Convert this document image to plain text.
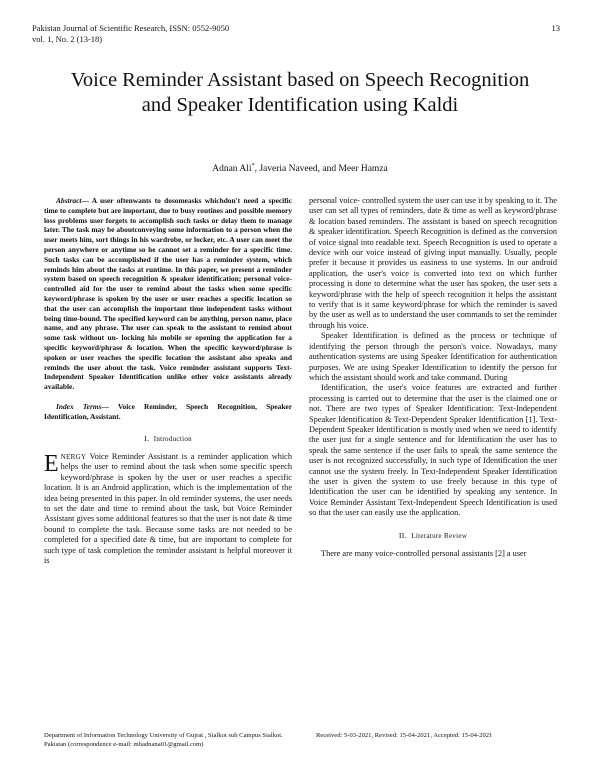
Pakistan Journal of Scientific Research, ISSN: 0552-9050
vol. 1, No. 2 (13-18)
13
Voice Reminder Assistant based on Speech Recognition and Speaker Identification using Kaldi
Adnan Ali*, Javeria Naveed, and Meer Hamza

Abstract— A user oftenwants to dosomeasks whichdon't need a specific time to complete but are important, due to busy routines and possible memory loss problems user forgets to accomplish such tasks or delay them to manage later. The task may be aboutconveying some information to a person when the user meets him, sort things in his wardrobe, or locker, etc. A user can meet the person anywhere or anytime so he cannot set a reminder for a specific time. Such tasks can be accomplished if the user has a reminder system, which reminds him about the tasks at runtime. In this paper, we present a reminder system based on speech recognition & speaker identification; personal voice- controlled aid for the user to remind about the tasks when some specific keyword/phrase is spoken by the user or user reaches a specific location so that the user can accomplish the important time independent tasks without being time-bound. The specified keyword can be anything, person name, place name, and any phrase. The user can speak to the assistant to remind about some task without un- locking his mobile or opening the application for a specific keyword/phrase & location. When the specific keyword/phrase is spoken or user reaches the specific location the assistant also speaks and reminds the user about the task. Voice reminder assistant supports Text-Independent Speaker Identification unlike other voice assistants already available.

Index Terms— Voice Reminder, Speech Recognition, Speaker Identification, Assistant.

I. Introduction

ENERGY Voice Reminder Assistant is a reminder application which helps the user to remind about the task when some specific speech keyword/phrase is spoken by the user or user reaches a specific location. It is an Android application, which is the implementation of the idea being presented in this paper. In old reminder systems, the user needs to set the date and time to remind about the task, but Voice Reminder Assistant gives some additional features so that the user is not date & time bound to complete the task. Because some tasks are not needed to be completed for a specified date & time, but are important to complete for such type of task completion the reminder assistant is helpful moreover it is

personal voice- controlled system the user can use it by speaking to it. The user can set all types of reminders, date & time as well as keyword/phrase & location based reminders. The assistant is based on speech recognition & speaker identification. Speech Recognition is defined as the conversion of voice signal into readable text. Speech Recognition is used to operate a device with our voice instead of giving input manually. Usually, people prefer it because it provides us easiness to use systems. In our android application, the user's voice is converted into text on which further processing is done to determine what the user has spoken, the user sets a keyword/phrase with the help of speech recognition it helps the assistant to verify that is it same keyword/phrase for which the reminder is saved by the user as well as to understand the user commands to set the reminder through his voice.

Speaker Identification is defined as the process or technique of identifying the person through the person's voice. Nowadays, many authentication systems are using Speaker Identification for authentication purposes. We are using Speaker Identification to identify the person for which the assistant should work and take command. During

Identification, the user's voice features are extracted and further processing is carried out to determine that the user is the claimed one or not. There are two types of Speaker Identification: Text-Independent Speaker Identification & Text-Dependent Speaker Identification [1]. Text-Dependent Speaker Identification is mostly used when we need to identify the user just for a single sentence and for Identification the user has to speak the same sentence if the user fails to speak the same sentence the user is not recognized successfully, in such type of Identification the user cannot use the system freely. In Text-Independent Speaker Identification the user is given the system to use freely because in this type of Identification the user can be identified by speaking any sentence. In Voice Reminder Assistant Text-Independent Speech Identification is used so that the user can easily use the application.

II. Literature Review

There are many voice-controlled personal assistants [2] a user

Department of Information Technology University of Gujrat , Sialkot sub Campus Sialkot. Pakistan (correspondence e-mail: mhadnana01@gmail.com)
Received: 5-03-2021, Revised: 15-04-2021, Accepted: 15-04-2021
